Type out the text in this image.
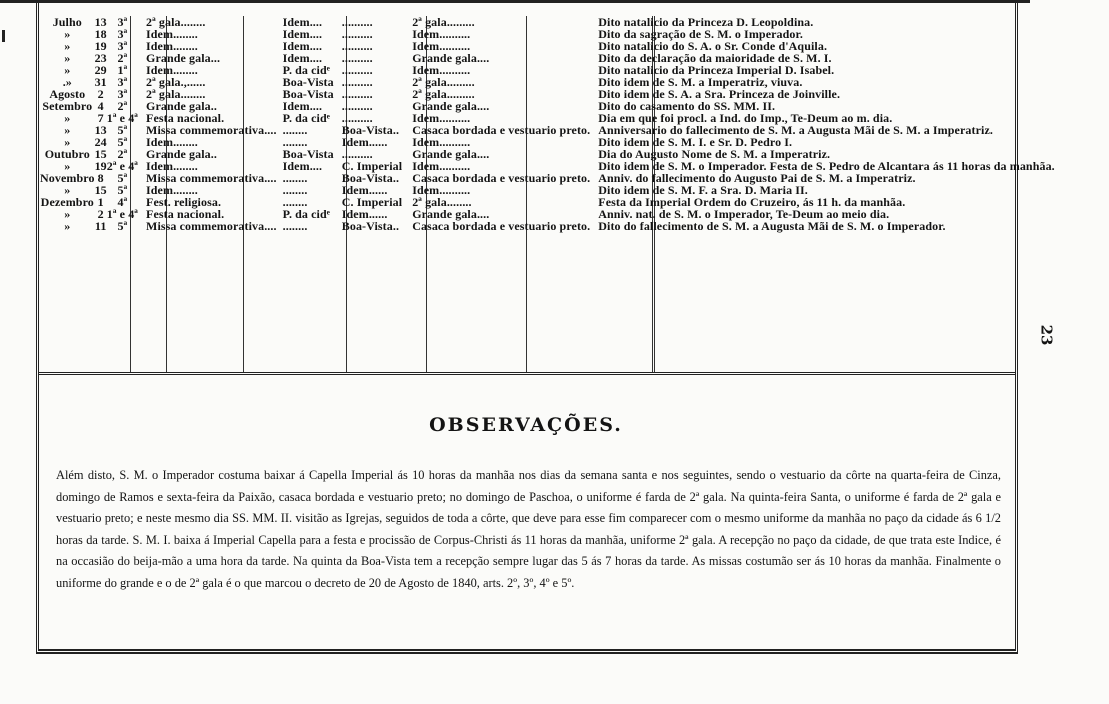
Julho	13	3ª	2ª gala........	Idem....	..........	2ª gala.........	Dito natalicio da Princeza D. Leopoldina.
»	18	3ª	Idem........	Idem....	..........	Idem..........	Dito da sagração de S. M. o Imperador.
»	19	3ª	Idem........	Idem....	..........	Idem..........	Dito natalicio do S. A. o Sr. Conde d'Aquila.
»	23	2ª	Grande gala...	Idem....	..........	Grande gala....	Dito da declaração da maioridade de S. M. I.
»	29	1ª	Idem........	P. da cidᵉ	..........	Idem..........	Dito natalicio da Princeza Imperial D. Isabel.
.»	31	3ª	2ª gala.,......	Boa-Vista	..........	2ª gala.........	Dito idem de S. M. a Imperatriz, viuva.
Agosto	2	3ª	2ª gala........	Boa-Vista	..........	2ª gala.........	Dito idem de S. A. a Sra. Princeza de Joinville.
Setembro	4	2ª	Grande gala..	Idem....	..........	Grande gala....	Dito do casamento do SS. MM. II.
»	7	1ª e 4ª	Festa nacional.	P. da cidᵉ	..........	Idem..........	Dia em que foi procl. a Ind. do Imp., Te-Deum ao m. dia.
»	13	5ª	Missa commemorativa....	........	Boa-Vista..	Casaca bordada e vestuario preto.	Anniversario do fallecimento de S. M. a Augusta Mãi de S. M. a Imperatriz.
»	24	5ª	Idem........	........	Idem......	Idem..........	Dito idem de S. M. I. e Sr. D. Pedro I.
Outubro	15	2ª	Grande gala..	Boa-Vista	..........	Grande gala....	Dia do Augusto Nome de S. M. a Imperatriz.
»	19	2ª e 4ª	Idem........	Idem....	C. Imperial	Idem..........	Dito idem de S. M. o Imperador. Festa de S. Pedro de Alcantara ás 11 horas da manhãa.
Novembro	8	5ª	Missa commemorativa....	........	Boa-Vista..	Casaca bordada e vestuario preto.	Anniv. do fallecimento do Augusto Pai de S. M. a Imperatriz.
»	15	5ª	Idem........	........	Idem......	Idem..........	Dito idem de S. M. F. a Sra. D. Maria II.
Dezembro	1	4ª	Fest. religiosa.	........	C. Imperial	2ª gala........	Festa da Imperial Ordem do Cruzeiro, ás 11 h. da manhãa.
»	2	1ª e 4ª	Festa nacional.	P. da cidᵉ	Idem......	Grande gala....	Anniv. nat. de S. M. o Imperador, Te-Deum ao meio dia.
»	11	5ª	Missa commemorativa....	........	Boa-Vista..	Casaca bordada e vestuario preto.	Dito do fallecimento de S. M. a Augusta Mãi de S. M. o Imperador.
OBSERVAÇÕES.
Além disto, S. M. o Imperador costuma baixar á Capella Imperial ás 10 horas da manhãa nos dias da semana santa e nos seguintes, sendo o vestuario da côrte na quarta-feira de Cinza, domingo de Ramos e sexta-feira da Paixão, casaca bordada e vestuario preto; no domingo de Paschoa, o uniforme é farda de 2ª gala. Na quinta-feira Santa, o uniforme é farda de 2ª gala e vestuario preto; e neste mesmo dia SS. MM. II. visitão as Igrejas, seguidos de toda a côrte, que deve para esse fim comparecer com o mesmo uniforme da manhãa no paço da cidade ás 6 1/2 horas da tarde. S. M. I. baixa á Imperial Capella para a festa e procissão de Corpus-Christi ás 11 horas da manhãa, uniforme 2ª gala. A recepção no paço da cidade, de que trata este Indice, é na occasião do beija-mão a uma hora da tarde. Na quinta da Boa-Vista tem a recepção sempre lugar das 5 ás 7 horas da tarde. As missas costumão ser ás 10 horas da manhãa. Finalmente o uniforme do grande e o de 2ª gala é o que marcou o decreto de 20 de Agosto de 1840, arts. 2º, 3º, 4º e 5º.
23
